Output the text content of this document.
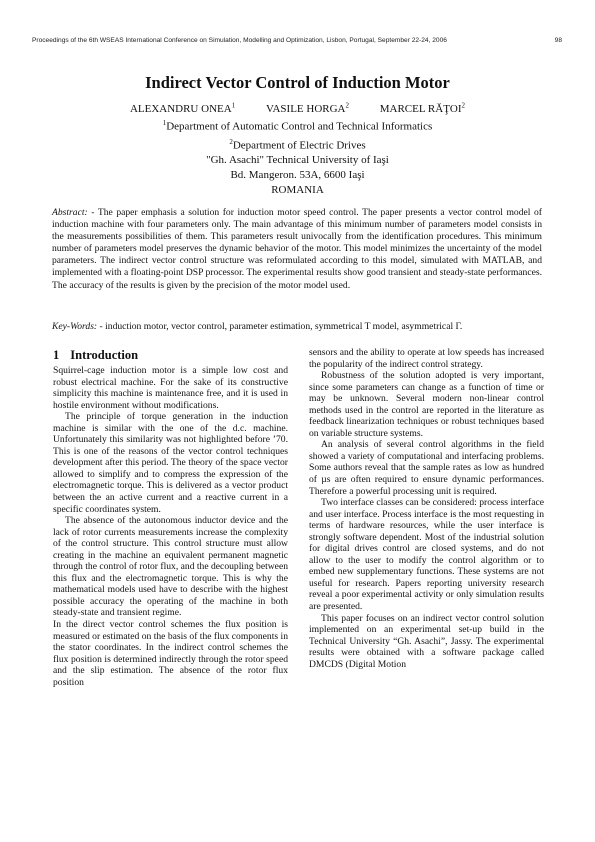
Proceedings of the 6th WSEAS International Conference on Simulation, Modelling and Optimization, Lisbon, Portugal, September 22-24, 2006	98
Indirect Vector Control of Induction Motor
ALEXANDRU ONEA$^1$	VASILE HORGA$^2$	MARCEL RĂŢOI$^2$
$^1$Department of Automatic Control and Technical Informatics
$^2$Department of Electric Drives
"Gh. Asachi" Technical University of Iaşi
Bd. Mangeron. 53A, 6600 Iaşi
ROMANIA
Abstract: - The paper emphasis a solution for induction motor speed control. The paper presents a vector control model of induction machine with four parameters only. The main advantage of this minimum number of parameters model consists in the measurements possibilities of them. This parameters result univocally from the identification procedures. This minimum number of parameters model preserves the dynamic behavior of the motor. This model minimizes the uncertainty of the model parameters. The indirect vector control structure was reformulated according to this model, simulated with MATLAB, and implemented with a floating-point DSP processor. The experimental results show good transient and steady-state performances. The accuracy of the results is given by the precision of the motor model used.
Key-Words: - induction motor, vector control, parameter estimation, symmetrical T model, asymmetrical Γ.
1 Introduction

Squirrel-cage induction motor is a simple low cost and robust electrical machine. For the sake of its constructive simplicity this machine is maintenance free, and it is used in hostile environment without modifications.

The principle of torque generation in the induction machine is similar with the one of the d.c. machine. Unfortunately this similarity was not highlighted before ’70. This is one of the reasons of the vector control techniques development after this period. The theory of the space vector allowed to simplify and to compress the expression of the electromagnetic torque. This is delivered as a vector product between the an active current and a reactive current in a specific coordinates system.

The absence of the autonomous inductor device and the lack of rotor currents measurements increase the complexity of the control structure. This control structure must allow creating in the machine an equivalent permanent magnetic through the control of rotor flux, and the decoupling between this flux and the electromagnetic torque. This is why the mathematical models used have to describe with the highest possible accuracy the operating of the machine in both steady-state and transient regime.

In the direct vector control schemes the flux position is measured or estimated on the basis of the flux components in the stator coordinates. In the indirect control schemes the flux position is determined indirectly through the rotor speed and the slip estimation. The absence of the rotor flux position

sensors and the ability to operate at low speeds has increased the popularity of the indirect control strategy.

Robustness of the solution adopted is very important, since some parameters can change as a function of time or may be unknown. Several modern non-linear control methods used in the control are reported in the literature as feedback linearization techniques or robust techniques based on variable structure systems.

An analysis of several control algorithms in the field showed a variety of computational and interfacing problems. Some authors reveal that the sample rates as low as hundred of µs are often required to ensure dynamic performances. Therefore a powerful processing unit is required.

Two interface classes can be considered: process interface and user interface. Process interface is the most requesting in terms of hardware resources, while the user interface is strongly software dependent. Most of the industrial solution for digital drives control are closed systems, and do not allow to the user to modify the control algorithm or to embed new supplementary functions. These systems are not useful for research. Papers reporting university research reveal a poor experimental activity or only simulation results are presented.

This paper focuses on an indirect vector control solution implemented on an experimental set-up build in the Technical University “Gh. Asachi”, Jassy. The experimental results were obtained with a software package called DMCDS (Digital Motion
